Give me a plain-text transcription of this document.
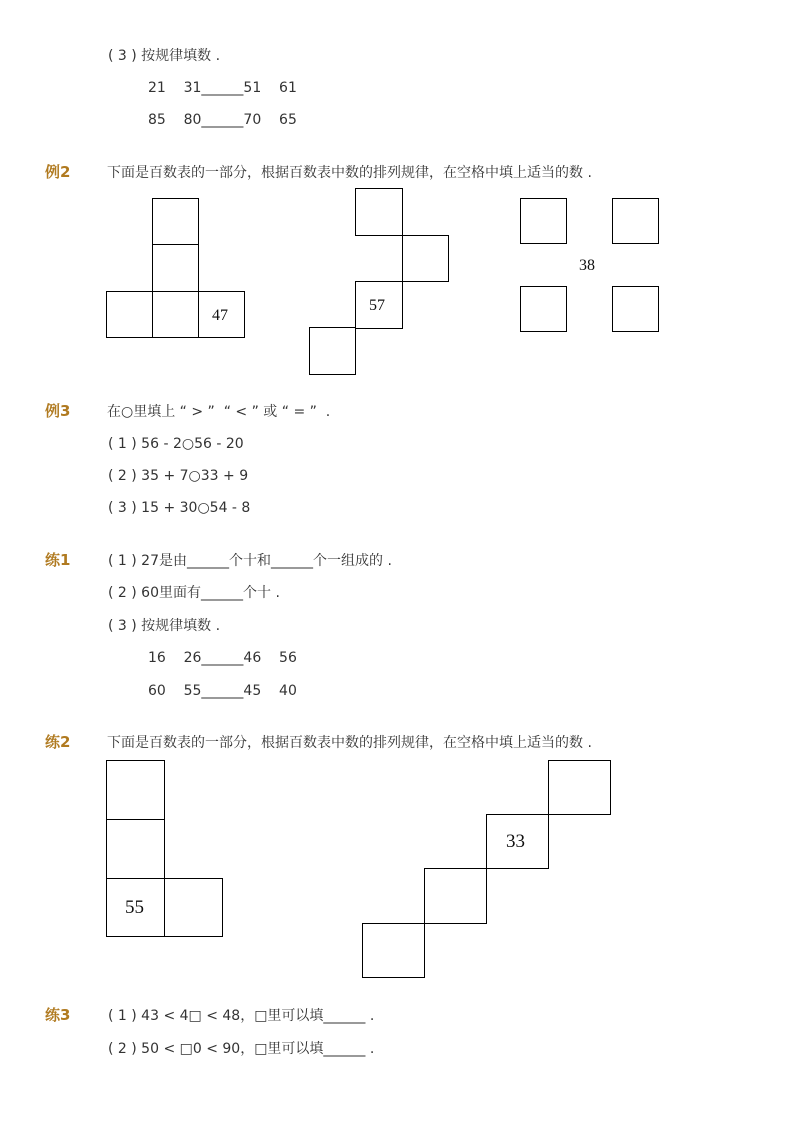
( 3 ) 按规律填数 .
21    31______51    61
85    80______70    65
例2	下面是百数表的一部分，根据百数表中数的排列规律，在空格中填上适当的数 .
47
57
38
例3	在○里填上 “ > ”  “ < ” 或 “ = ”  .
( 1 ) 56 - 2○56 - 20
( 2 ) 35 + 7○33 + 9
( 3 ) 15 + 30○54 - 8
练1	( 1 ) 27是由______个十和______个一组成的 .
( 2 ) 60里面有______个十 .
( 3 ) 按规律填数 .
16    26______46    56
60    55______45    40
练2	下面是百数表的一部分，根据百数表中数的排列规律，在空格中填上适当的数 .
55
33
练3	( 1 ) 43 < 4□ < 48，□里可以填______ .
( 2 ) 50 < □0 < 90，□里可以填______ .
